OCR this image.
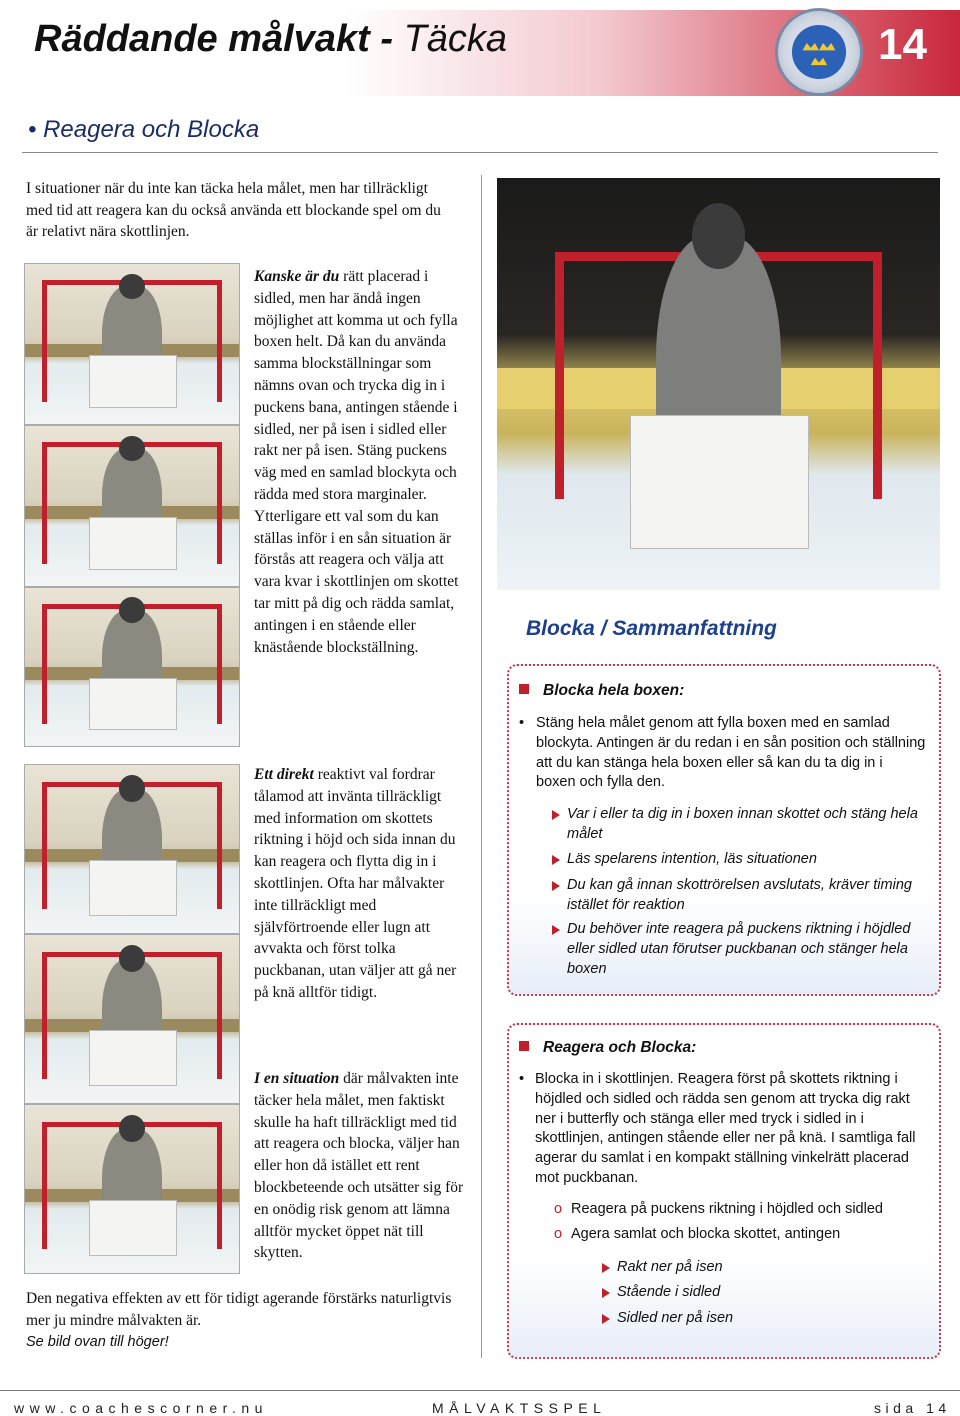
Räddande målvakt - Täcka	14
• Reagera och Blocka
I situationer när du inte kan täcka hela målet, men har tillräckligt med tid att reagera kan du också använda ett blockande spel om du är relativt nära skottlinjen.
Kanske är du rätt placerad i sidled, men har ändå ingen möjlighet att komma ut och fylla boxen helt. Då kan du använda samma blockställningar som nämns ovan och trycka dig in i puckens bana, antingen stående i sidled, ner på isen i sidled eller rakt ner på isen. Stäng puckens väg med en samlad blockyta och rädda med stora marginaler. Ytterligare ett val som du kan ställas inför i en sån situation är förstås att reagera och välja att vara kvar i skottlinjen om skottet tar mitt på dig och rädda samlat, antingen i en stående eller knästående blockställning.
Ett direkt reaktivt val fordrar tålamod att invänta tillräckligt med information om skottets riktning i höjd och sida innan du kan reagera och flytta dig in i skottlinjen. Ofta har målvakter inte tillräckligt med självförtroende eller lugn att avvakta och först tolka puckbanan, utan väljer att gå ner på knä alltför tidigt.
I en situation där målvakten inte täcker hela målet, men faktiskt skulle ha haft tillräckligt med tid att reagera och blocka, väljer han eller hon då istället ett rent blockbeteende och utsätter sig för en onödig risk genom att lämna alltför mycket öppet nät till skytten.
Den negativa effekten av ett för tidigt agerande förstärks naturligtvis mer ju mindre målvakten är.
Se bild ovan till höger!
Blocka / Sammanfattning
Blocka hela boxen:
• Stäng hela målet genom att fylla boxen med en samlad blockyta. Antingen är du redan i en sån position och ställning att du kan stänga hela boxen eller så kan du ta dig in i boxen och fylla den.
Var i eller ta dig in i boxen innan skottet och stäng hela målet
Läs spelarens intention, läs situationen
Du kan gå innan skottrörelsen avslutats, kräver timing istället för reaktion
Du behöver inte reagera på puckens riktning i höjdled eller sidled utan förutser puckbanan och stänger hela boxen
Reagera och Blocka:
• Blocka in i skottlinjen. Reagera först på skottets riktning i höjdled och sidled och rädda sen genom att trycka dig rakt ner i butterfly och stänga eller med tryck i sidled in i skottlinjen, antingen stående eller ner på knä. I samtliga fall agerar du samlat i en kompakt ställning vinkelrätt placerad mot puckbanan.
o Reagera på puckens riktning i höjdled och sidled
o Agera samlat och blocka skottet, antingen
Rakt ner på isen
Stående i sidled
Sidled ner på isen
www.coachescorner.nu	MÅLVAKTSSPEL	sida 14
